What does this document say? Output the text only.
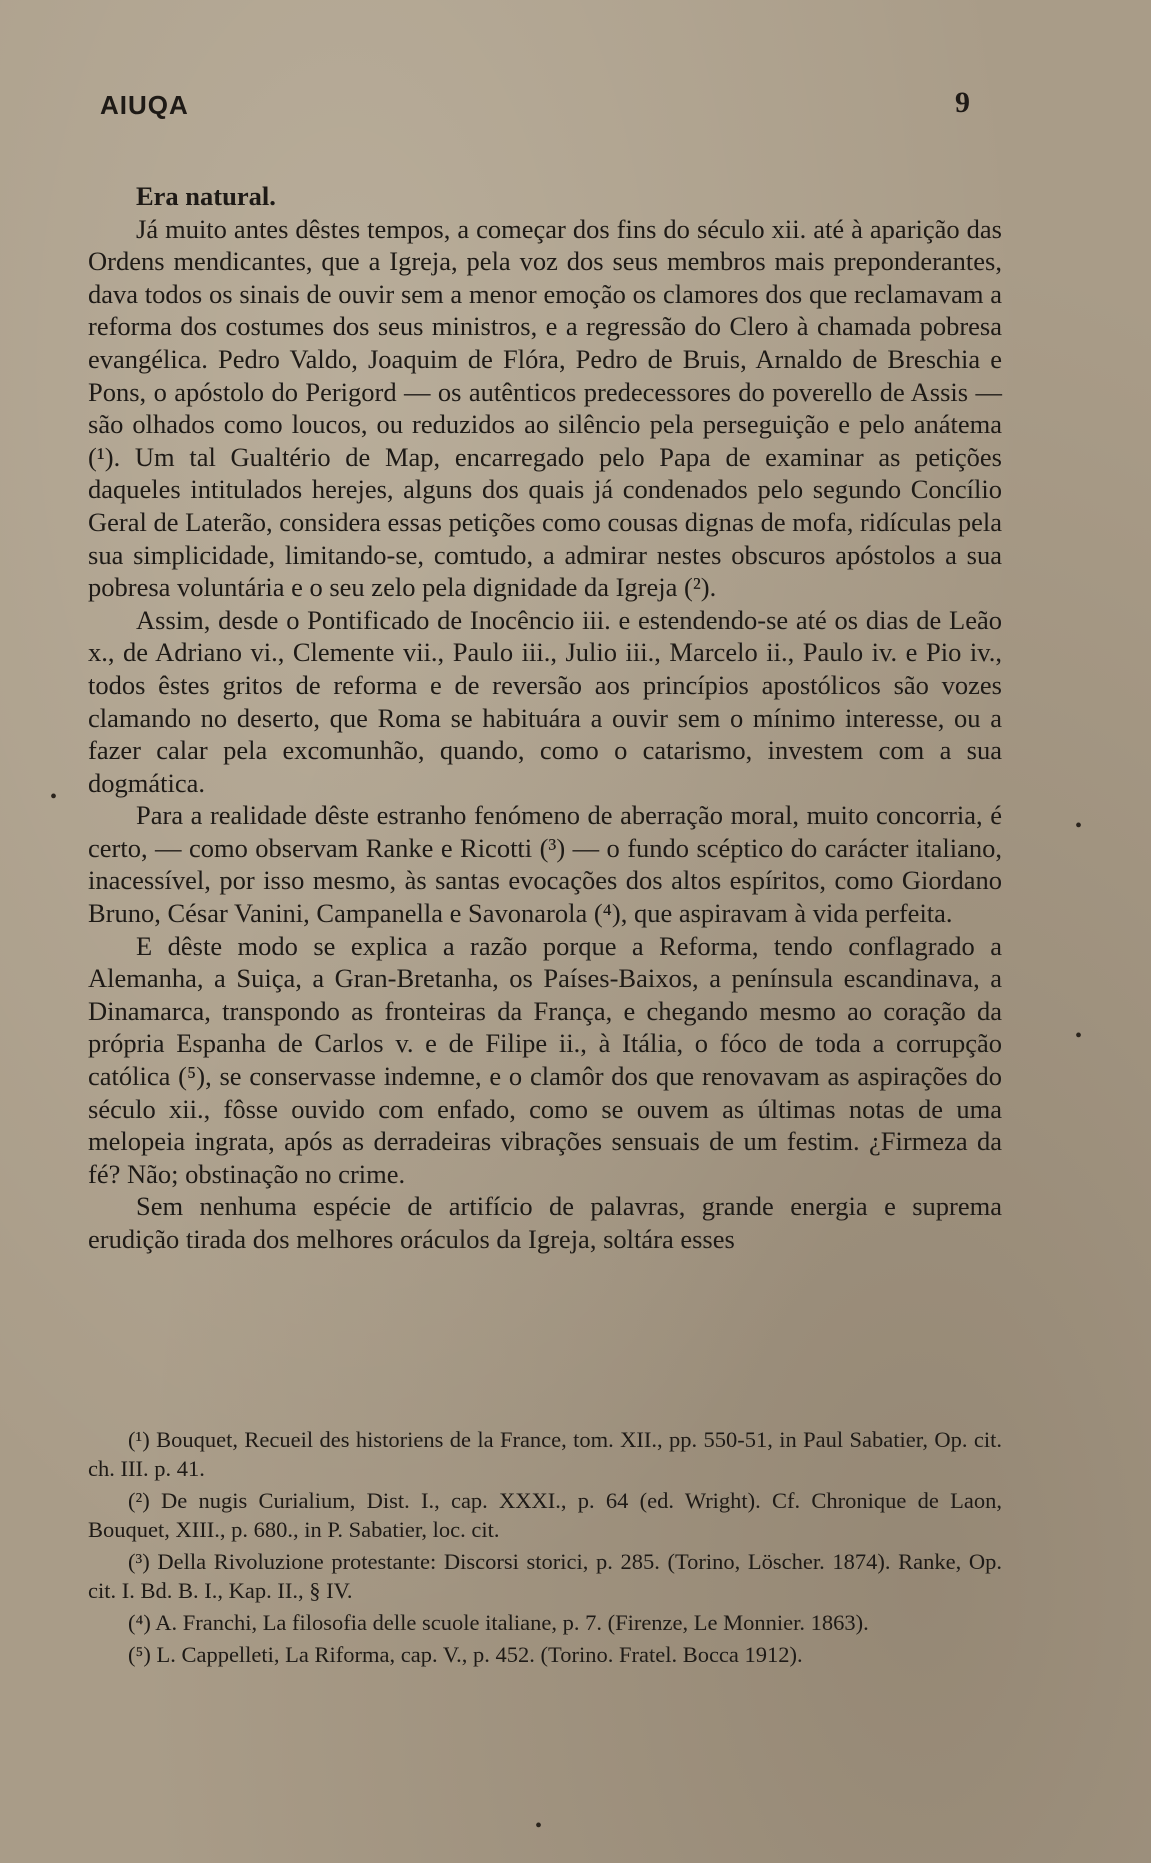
AIUQA	9

Era natural.

Já muito antes dêstes tempos, a começar dos fins do século xii. até à aparição das Ordens mendicantes, que a Igreja, pela voz dos seus membros mais preponderantes, dava todos os sinais de ouvir sem a menor emoção os clamores dos que reclamavam a reforma dos costumes dos seus ministros, e a regressão do Clero à chamada pobresa evangélica. Pedro Valdo, Joaquim de Flóra, Pedro de Bruis, Arnaldo de Breschia e Pons, o apóstolo do Perigord — os autênticos predecessores do poverello de Assis — são olhados como loucos, ou reduzidos ao silêncio pela perseguição e pelo anátema (¹). Um tal Gualtério de Map, encarregado pelo Papa de examinar as petições daqueles intitulados herejes, alguns dos quais já condenados pelo segundo Concílio Geral de Laterão, considera essas petições como cousas dignas de mofa, ridículas pela sua simplicidade, limitando-se, comtudo, a admirar nestes obscuros apóstolos a sua pobresa voluntária e o seu zelo pela dignidade da Igreja (²).

Assim, desde o Pontificado de Inocêncio iii. e estendendo-se até os dias de Leão x., de Adriano vi., Clemente vii., Paulo iii., Julio iii., Marcelo ii., Paulo iv. e Pio iv., todos êstes gritos de reforma e de reversão aos princípios apostólicos são vozes clamando no deserto, que Roma se habituára a ouvir sem o mínimo interesse, ou a fazer calar pela excomunhão, quando, como o catarismo, investem com a sua dogmática.

Para a realidade dêste estranho fenómeno de aberração moral, muito concorria, é certo, — como observam Ranke e Ricotti (³) — o fundo scéptico do carácter italiano, inacessível, por isso mesmo, às santas evocações dos altos espíritos, como Giordano Bruno, César Vanini, Campanella e Savonarola (⁴), que aspiravam à vida perfeita.

E dêste modo se explica a razão porque a Reforma, tendo conflagrado a Alemanha, a Suiça, a Gran-Bretanha, os Países-Baixos, a península escandinava, a Dinamarca, transpondo as fronteiras da França, e chegando mesmo ao coração da própria Espanha de Carlos v. e de Filipe ii., à Itália, o fóco de toda a corrupção católica (⁵), se conservasse indemne, e o clamôr dos que renovavam as aspirações do século xii., fôsse ouvido com enfado, como se ouvem as últimas notas de uma melopeia ingrata, após as derradeiras vibrações sensuais de um festim. ¿Firmeza da fé? Não; obstinação no crime.

Sem nenhuma espécie de artifício de palavras, grande energia e suprema erudição tirada dos melhores oráculos da Igreja, soltára esses

(¹) Bouquet, Recueil des historiens de la France, tom. XII., pp. 550-51, in Paul Sabatier, Op. cit. ch. III. p. 41.

(²) De nugis Curialium, Dist. I., cap. XXXI., p. 64 (ed. Wright). Cf. Chronique de Laon, Bouquet, XIII., p. 680., in P. Sabatier, loc. cit.

(³) Della Rivoluzione protestante: Discorsi storici, p. 285. (Torino, Löscher. 1874). Ranke, Op. cit. I. Bd. B. I., Kap. II., § IV.

(⁴) A. Franchi, La filosofia delle scuole italiane, p. 7. (Firenze, Le Monnier. 1863).

(⁵) L. Cappelleti, La Riforma, cap. V., p. 452. (Torino. Fratel. Bocca 1912).

•
•
•
•
